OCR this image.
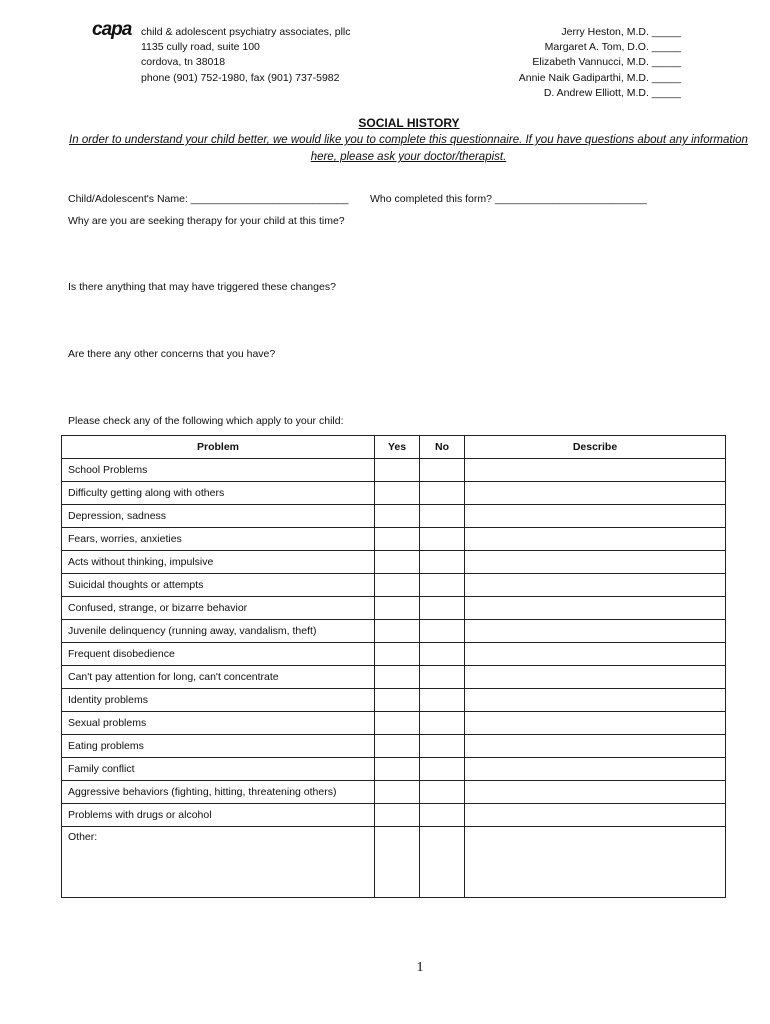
capa child & adolescent psychiatry associates, pllc
1135 cully road, suite 100
cordova, tn 38018
phone (901) 752-1980, fax (901) 737-5982
Jerry Heston, M.D. _____
Margaret A. Tom, D.O. _____
Elizabeth Vannucci, M.D. _____
Annie Naik Gadiparthi, M.D. _____
D. Andrew Elliott, M.D. _____
SOCIAL HISTORY
In order to understand your child better, we would like you to complete this questionnaire. If you have questions about any information here, please ask your doctor/therapist.
Child/Adolescent's Name: ___________________________ Who completed this form? __________________________
Why are you are seeking therapy for your child at this time?
Is there anything that may have triggered these changes?
Are there any other concerns that you have?
Please check any of the following which apply to your child:
Problem	Yes	No	Describe
School Problems			
Difficulty getting along with others			
Depression, sadness			
Fears, worries, anxieties			
Acts without thinking, impulsive			
Suicidal thoughts or attempts			
Confused, strange, or bizarre behavior			
Juvenile delinquency (running away, vandalism, theft)			
Frequent disobedience			
Can't pay attention for long, can't concentrate			
Identity problems			
Sexual problems			
Eating problems			
Family conflict			
Aggressive behaviors (fighting, hitting, threatening others)			
Problems with drugs or alcohol			
Other:			
1
